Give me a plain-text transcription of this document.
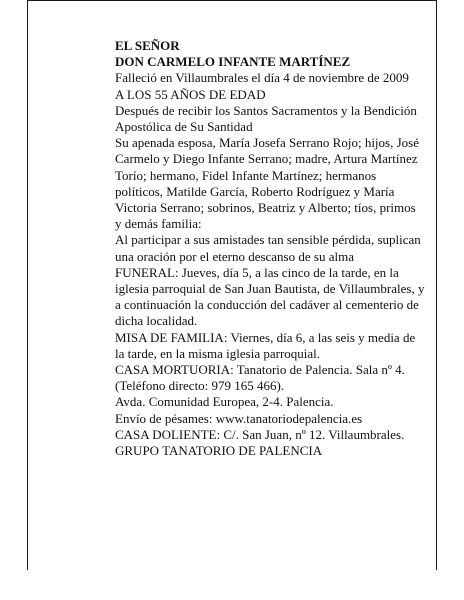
EL SEÑOR

DON CARMELO INFANTE MARTÍNEZ

Falleció en Villaumbrales el día 4 de noviembre de 2009

A LOS 55 AÑOS DE EDAD

Después de recibir los Santos Sacramentos y la Bendición Apostólica de Su Santidad

Su apenada esposa, María Josefa Serrano Rojo; hijos, José Carmelo y Diego Infante Serrano; madre, Artura Martínez Torío; hermano, Fidel Infante Martínez; hermanos políticos, Matilde García, Roberto Rodríguez y María Victoria Serrano; sobrinos, Beatriz y Alberto; tíos, primos y demás familia:

Al participar a sus amistades tan sensible pérdida, suplican una oración por el eterno descanso de su alma

FUNERAL: Jueves, día 5, a las cinco de la tarde, en la iglesia parroquial de San Juan Bautista, de Villaumbrales, y a continuación la conducción del cadáver al cementerio de dicha localidad.

MISA DE FAMILIA: Viernes, día 6, a las seis y media de la tarde, en la misma iglesia parroquial.

CASA MORTUORIA: Tanatorio de Palencia. Sala nº 4. (Teléfono directo: 979 165 466).

Avda. Comunidad Europea, 2-4. Palencia.

Envío de pésames: www.tanatoriodepalencia.es

CASA DOLIENTE: C/. San Juan, nº 12. Villaumbrales.

GRUPO TANATORIO DE PALENCIA
